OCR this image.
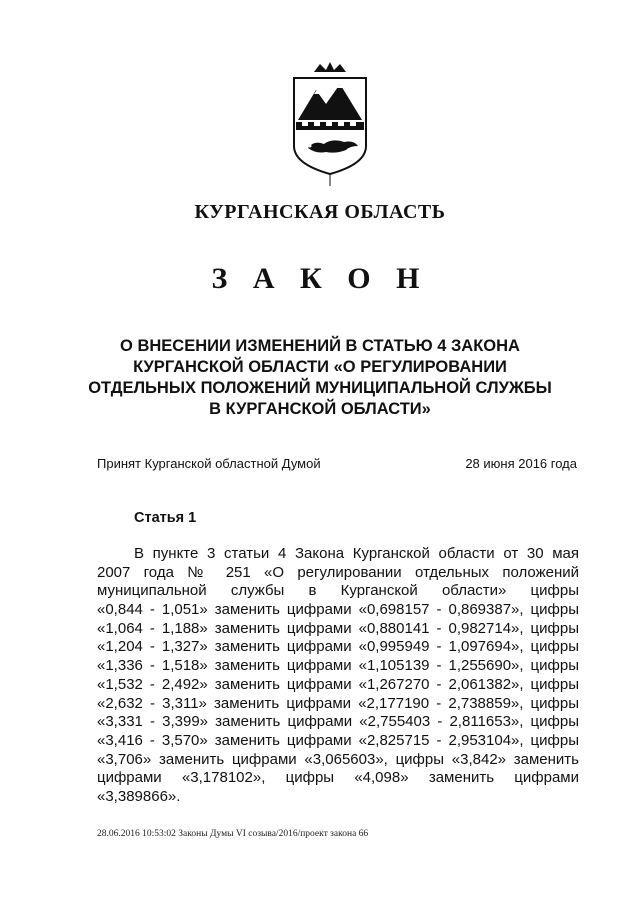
КУРГАНСКАЯ ОБЛАСТЬ
З А К О Н
О ВНЕСЕНИИ ИЗМЕНЕНИЙ В СТАТЬЮ 4 ЗАКОНА
КУРГАНСКОЙ ОБЛАСТИ «О РЕГУЛИРОВАНИИ
ОТДЕЛЬНЫХ ПОЛОЖЕНИЙ МУНИЦИПАЛЬНОЙ СЛУЖБЫ
В КУРГАНСКОЙ ОБЛАСТИ»
Принят Курганской областной Думой	28 июня 2016 года
Статья 1
В пункте 3 статьи 4 Закона Курганской области от 30 мая
2007 года № 251 «О регулировании отдельных положений
муниципальной службы в Курганской области» цифры
«0,844 - 1,051» заменить цифрами «0,698157 - 0,869387», цифры
«1,064 - 1,188» заменить цифрами «0,880141 - 0,982714», цифры
«1,204 - 1,327» заменить цифрами «0,995949 - 1,097694», цифры
«1,336 - 1,518» заменить цифрами «1,105139 - 1,255690», цифры
«1,532 - 2,492» заменить цифрами «1,267270 - 2,061382», цифры
«2,632 - 3,311» заменить цифрами «2,177190 - 2,738859», цифры
«3,331 - 3,399» заменить цифрами «2,755403 - 2,811653», цифры
«3,416 - 3,570» заменить цифрами «2,825715 - 2,953104», цифры
«3,706» заменить цифрами «3,065603», цифры «3,842» заменить
цифрами «3,178102», цифры «4,098» заменить цифрами
«3,389866».
28.06.2016 10:53:02 Законы Думы VI созыва/2016/проект закона 66
